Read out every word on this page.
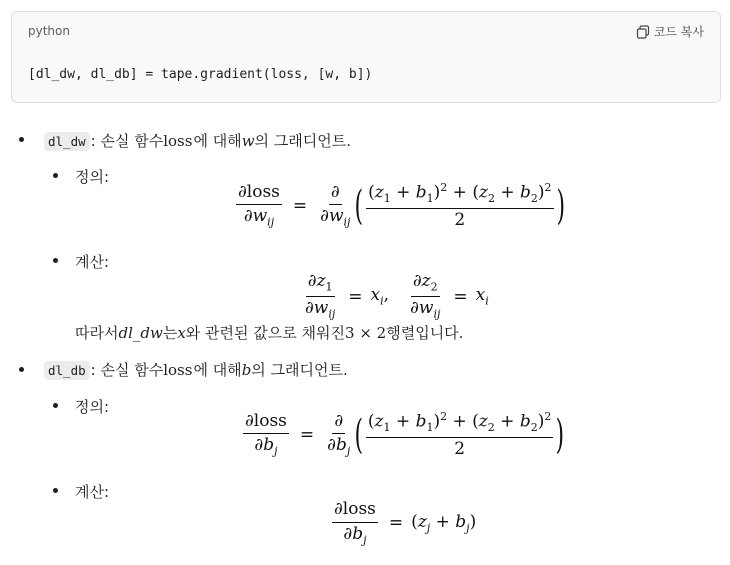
python	코드 복사
[dl_dw, dl_db] = tape.gradient(loss, [w, b])
dl_dw : 손실 함수 loss 에 대해 w 의 그래디언트.
정의:
$\frac{\text{∂loss}}{\partial w_{ij}} = \frac{\partial}{\partial w_{ij}}$ ( $\frac{(z_1 + b_1)^2 + (z_2 + b_2)^2}{2}$ )
계산:
$\frac{\partial z_1}{\partial w_{ij}} = x_i$, $\frac{\partial z_2}{\partial w_{ij}} = x_i$
따라서 dl_dw 는 x 와 관련된 값으로 채워진 3 × 2 행렬입니다.
dl_db : 손실 함수 loss 에 대해 b 의 그래디언트.
정의:
$\frac{\text{∂loss}}{\partial b_j} = \frac{\partial}{\partial b_j}$ ( $\frac{(z_1 + b_1)^2 + (z_2 + b_2)^2}{2}$ )
계산:
$\frac{\text{∂loss}}{\partial b_j} = (z_j + b_j)$
